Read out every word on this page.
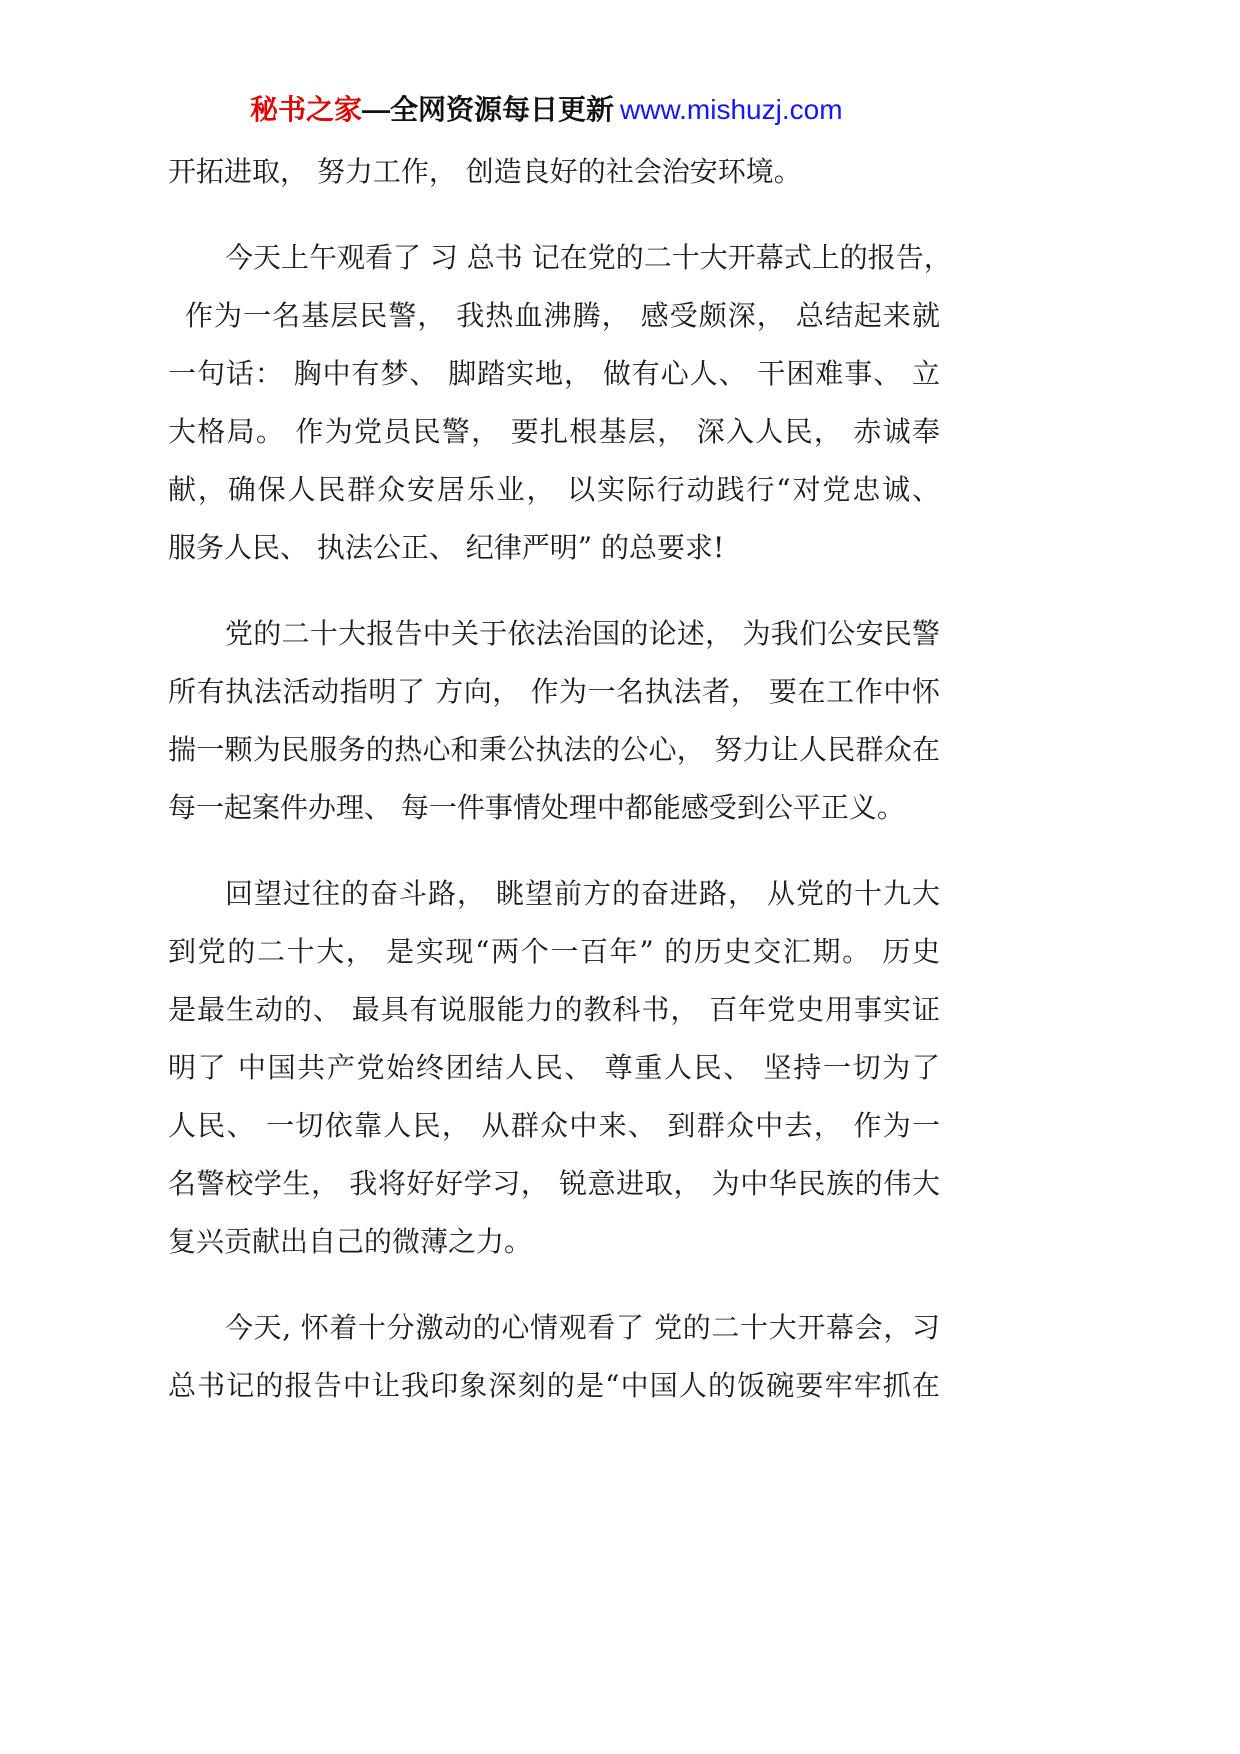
秘书之家—全网资源每日更新 www.mishuzj.com
开拓进取， 努力工作， 创造良好的社会治安环境。
今天上午观看了 习 总书 记在党的二十大开幕式上的报告，
作为一名基层民警， 我热血沸腾， 感受颇深， 总结起来就
一句话： 胸中有梦、 脚踏实地， 做有心人、 干困难事、 立
大格局。 作为党员民警， 要扎根基层， 深入人民， 赤诚奉
献，确保人民群众安居乐业， 以实际行动践行“对党忠诚、
服务人民、 执法公正、 纪律严明” 的总要求!
党的二十大报告中关于依法治国的论述， 为我们公安民警
所有执法活动指明了 方向， 作为一名执法者， 要在工作中怀
揣一颗为民服务的热心和秉公执法的公心， 努力让人民群众在
每一起案件办理、 每一件事情处理中都能感受到公平正义。
回望过往的奋斗路， 眺望前方的奋进路， 从党的十九大
到党的二十大， 是实现“两个一百年” 的历史交汇期。 历史
是最生动的、 最具有说服能力的教科书， 百年党史用事实证
明了 中国共产党始终团结人民、 尊重人民、 坚持一切为了
人民、 一切依靠人民， 从群众中来、 到群众中去， 作为一
名警校学生， 我将好好学习， 锐意进取， 为中华民族的伟大
复兴贡献出自己的微薄之力。
今天, 怀着十分激动的心情观看了 党的二十大开幕会，习
总书记的报告中让我印象深刻的是“中国人的饭碗要牢牢抓在
